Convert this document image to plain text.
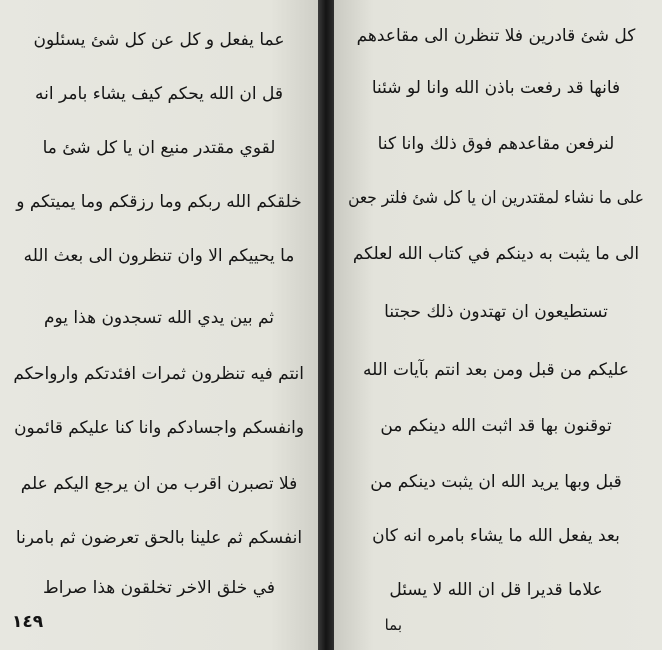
عما يفعل و كل عن كل شئ يسئلون
قل ان الله يحكم كيف يشاء بامر انه
لقوي مقتدر منيع ان يا كل شئ ما
خلقكم الله ربكم وما رزقكم وما يميتكم و
ما يحييكم الا وان تنظرون الى بعث الله
ثم بين يدي الله تسجدون هذا يوم
انتم فيه تنظرون ثمرات افئدتكم وارواحكم
وانفسكم واجسادكم وانا كنا عليكم قائمون
فلا تصبرن اقرب من ان يرجع اليكم علم
انفسكم ثم علينا بالحق تعرضون ثم بامرنا
في خلق الاخر تخلقون هذا صراط
١٤٩
كل شئ قادرين فلا تنظرن الى مقاعدهم
فانها قد رفعت باذن الله وانا لو شئنا
لنرفعن مقاعدهم فوق ذلك وانا كنا
على ما نشاء لمقتدرين ان يا كل شئ فلتر جعن
الى ما يثبت به دينكم في كتاب الله لعلكم
تستطيعون ان تهتدون ذلك حجتنا
عليكم من قبل ومن بعد انتم بآيات الله
توقنون بها قد اثبت الله دينكم من
قبل وبها يريد الله ان يثبت دينكم من
بعد يفعل الله ما يشاء بامره انه كان
علاما قديرا قل ان الله لا يسئل
بما
